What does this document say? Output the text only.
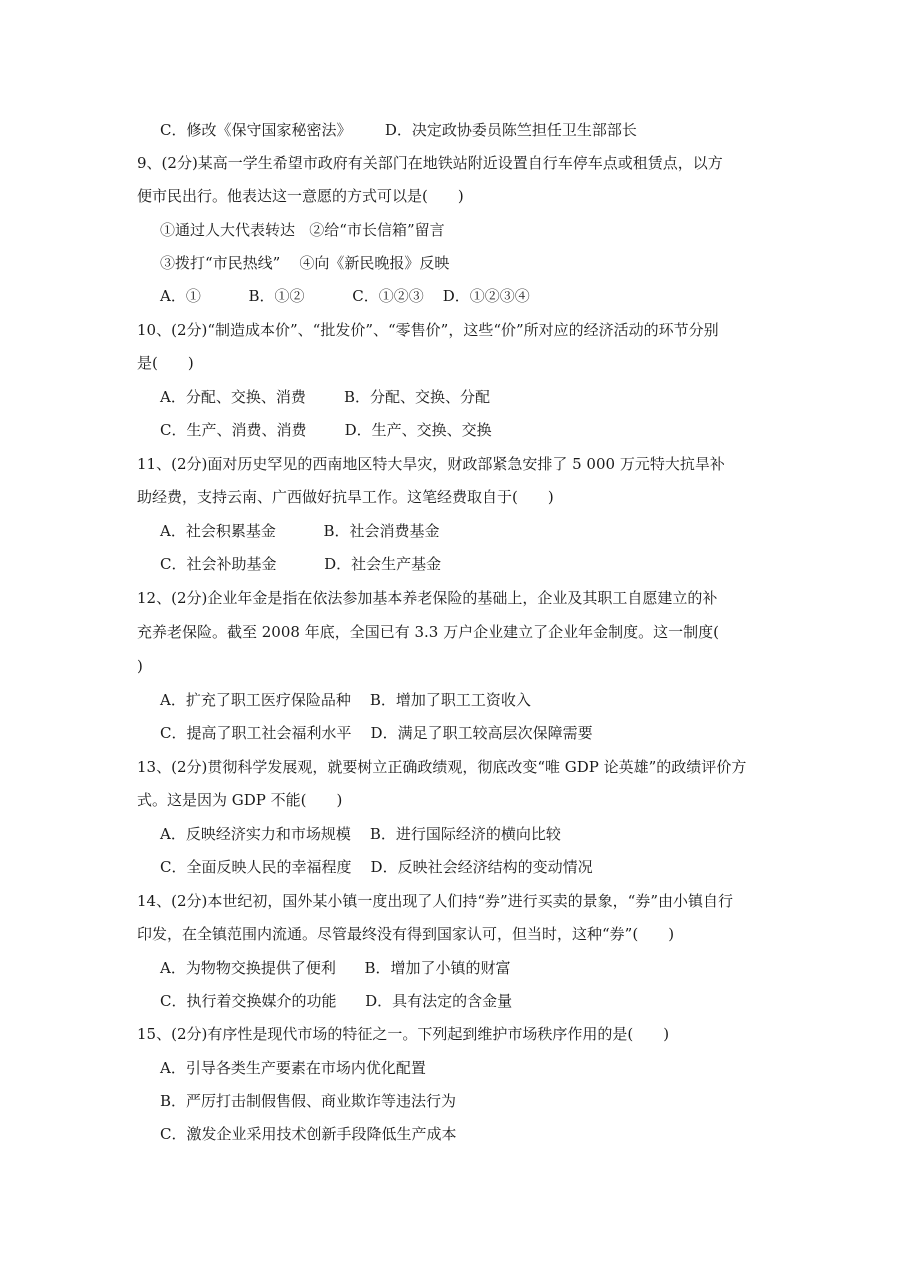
C．修改《保守国家秘密法》       D．决定政协委员陈竺担任卫生部部长
9、(2分)某高一学生希望市政府有关部门在地铁站附近设置自行车停车点或租赁点，以方
便市民出行。他表达这一意愿的方式可以是(　　)
①通过人大代表转达   ②给“市长信箱”留言
③拨打“市民热线”    ④向《新民晚报》反映
A．①          B．①②          C．①②③    D．①②③④
10、(2分)“制造成本价”、“批发价”、“零售价”，这些“价”所对应的经济活动的环节分别
是(　　)
A．分配、交换、消费        B．分配、交换、分配
C．生产、消费、消费        D．生产、交换、交换
11、(2分)面对历史罕见的西南地区特大旱灾，财政部紧急安排了 5 000 万元特大抗旱补
助经费，支持云南、广西做好抗旱工作。这笔经费取自于(　　)
A．社会积累基金          B．社会消费基金
C．社会补助基金          D．社会生产基金
12、(2分)企业年金是指在依法参加基本养老保险的基础上，企业及其职工自愿建立的补
充养老保险。截至 2008 年底，全国已有 3.3 万户企业建立了企业年金制度。这一制度(
)
A．扩充了职工医疗保险品种    B．增加了职工工资收入
C．提高了职工社会福利水平    D．满足了职工较高层次保障需要
13、(2分)贯彻科学发展观，就要树立正确政绩观，彻底改变“唯 GDP 论英雄”的政绩评价方
式。这是因为 GDP 不能(　　)
A．反映经济实力和市场规模    B．进行国际经济的横向比较
C．全面反映人民的幸福程度    D．反映社会经济结构的变动情况
14、(2分)本世纪初，国外某小镇一度出现了人们持“券”进行买卖的景象，“券”由小镇自行
印发，在全镇范围内流通。尽管最终没有得到国家认可，但当时，这种“券”(　　)
A．为物物交换提供了便利      B．增加了小镇的财富
C．执行着交换媒介的功能      D．具有法定的含金量
15、(2分)有序性是现代市场的特征之一。下列起到维护市场秩序作用的是(　　)
A．引导各类生产要素在市场内优化配置
B．严厉打击制假售假、商业欺诈等违法行为
C．激发企业采用技术创新手段降低生产成本
